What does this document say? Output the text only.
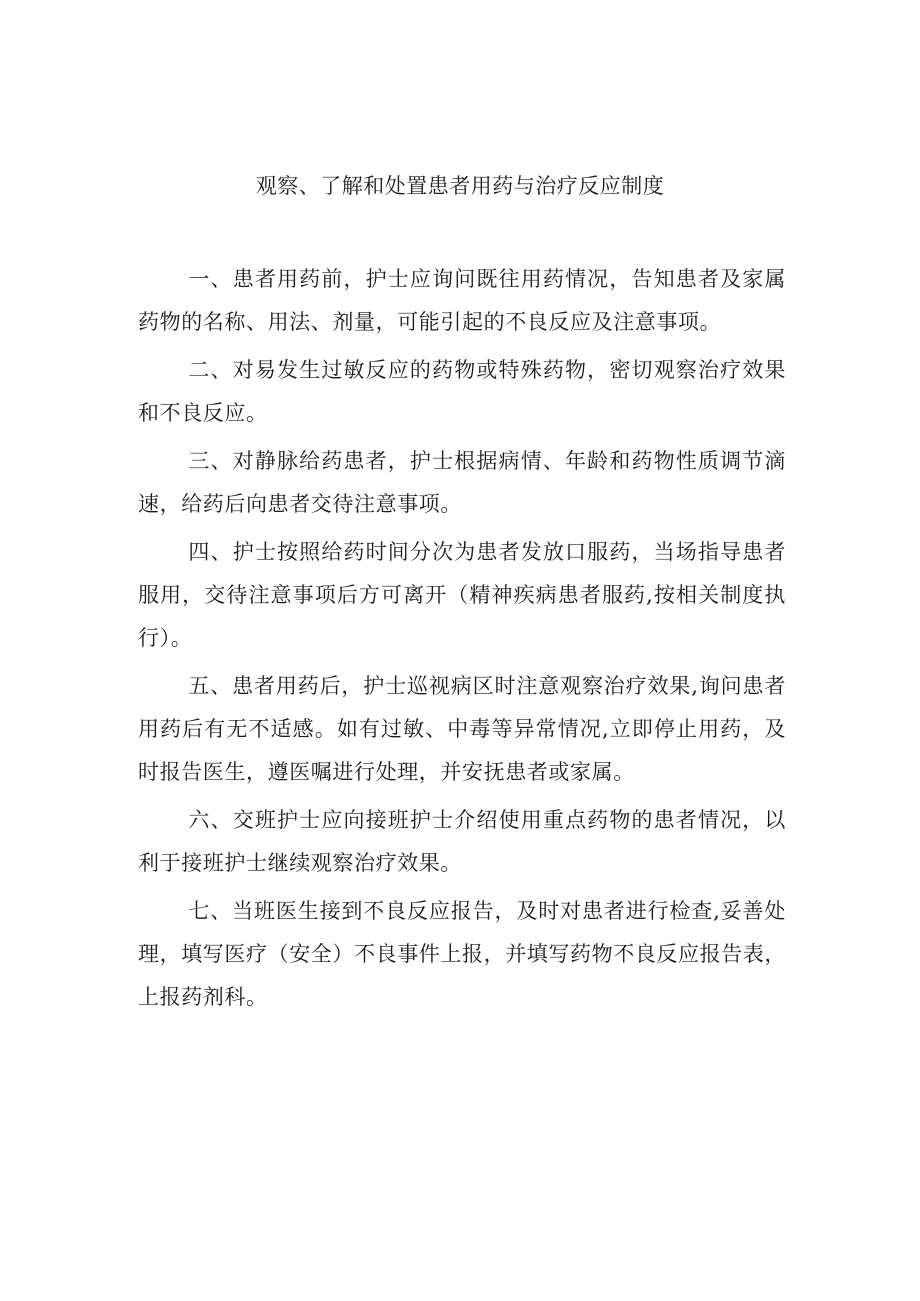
观察、了解和处置患者用药与治疗反应制度

一、患者用药前，护士应询问既往用药情况，告知患者及家属药物的名称、用法、剂量，可能引起的不良反应及注意事项。

二、对易发生过敏反应的药物或特殊药物，密切观察治疗效果和不良反应。

三、对静脉给药患者，护士根据病情、年龄和药物性质调节滴速，给药后向患者交待注意事项。

四、护士按照给药时间分次为患者发放口服药，当场指导患者服用，交待注意事项后方可离开（精神疾病患者服药,按相关制度执行）。

五、患者用药后，护士巡视病区时注意观察治疗效果,询问患者用药后有无不适感。如有过敏、中毒等异常情况,立即停止用药，及时报告医生，遵医嘱进行处理，并安抚患者或家属。

六、交班护士应向接班护士介绍使用重点药物的患者情况，以利于接班护士继续观察治疗效果。

七、当班医生接到不良反应报告，及时对患者进行检查,妥善处理，填写医疗（安全）不良事件上报，并填写药物不良反应报告表，上报药剂科。
